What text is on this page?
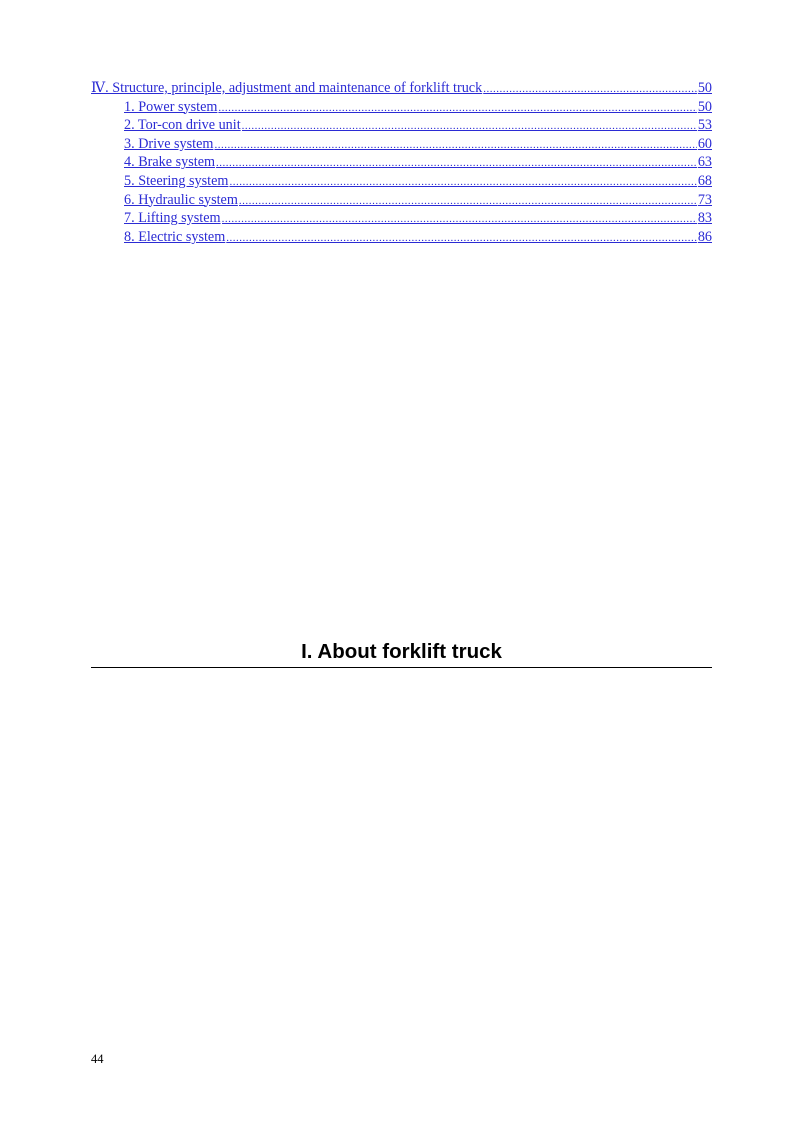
Ⅳ. Structure, principle, adjustment and maintenance of forklift truck .....	50
1. Power system .....	50
2. Tor-con drive unit .....	53
3. Drive system .....	60
4. Brake system .....	63
5. Steering system .....	68
6. Hydraulic system .....	73
7. Lifting system .....	83
8. Electric system .....	86
I. About forklift truck
44
